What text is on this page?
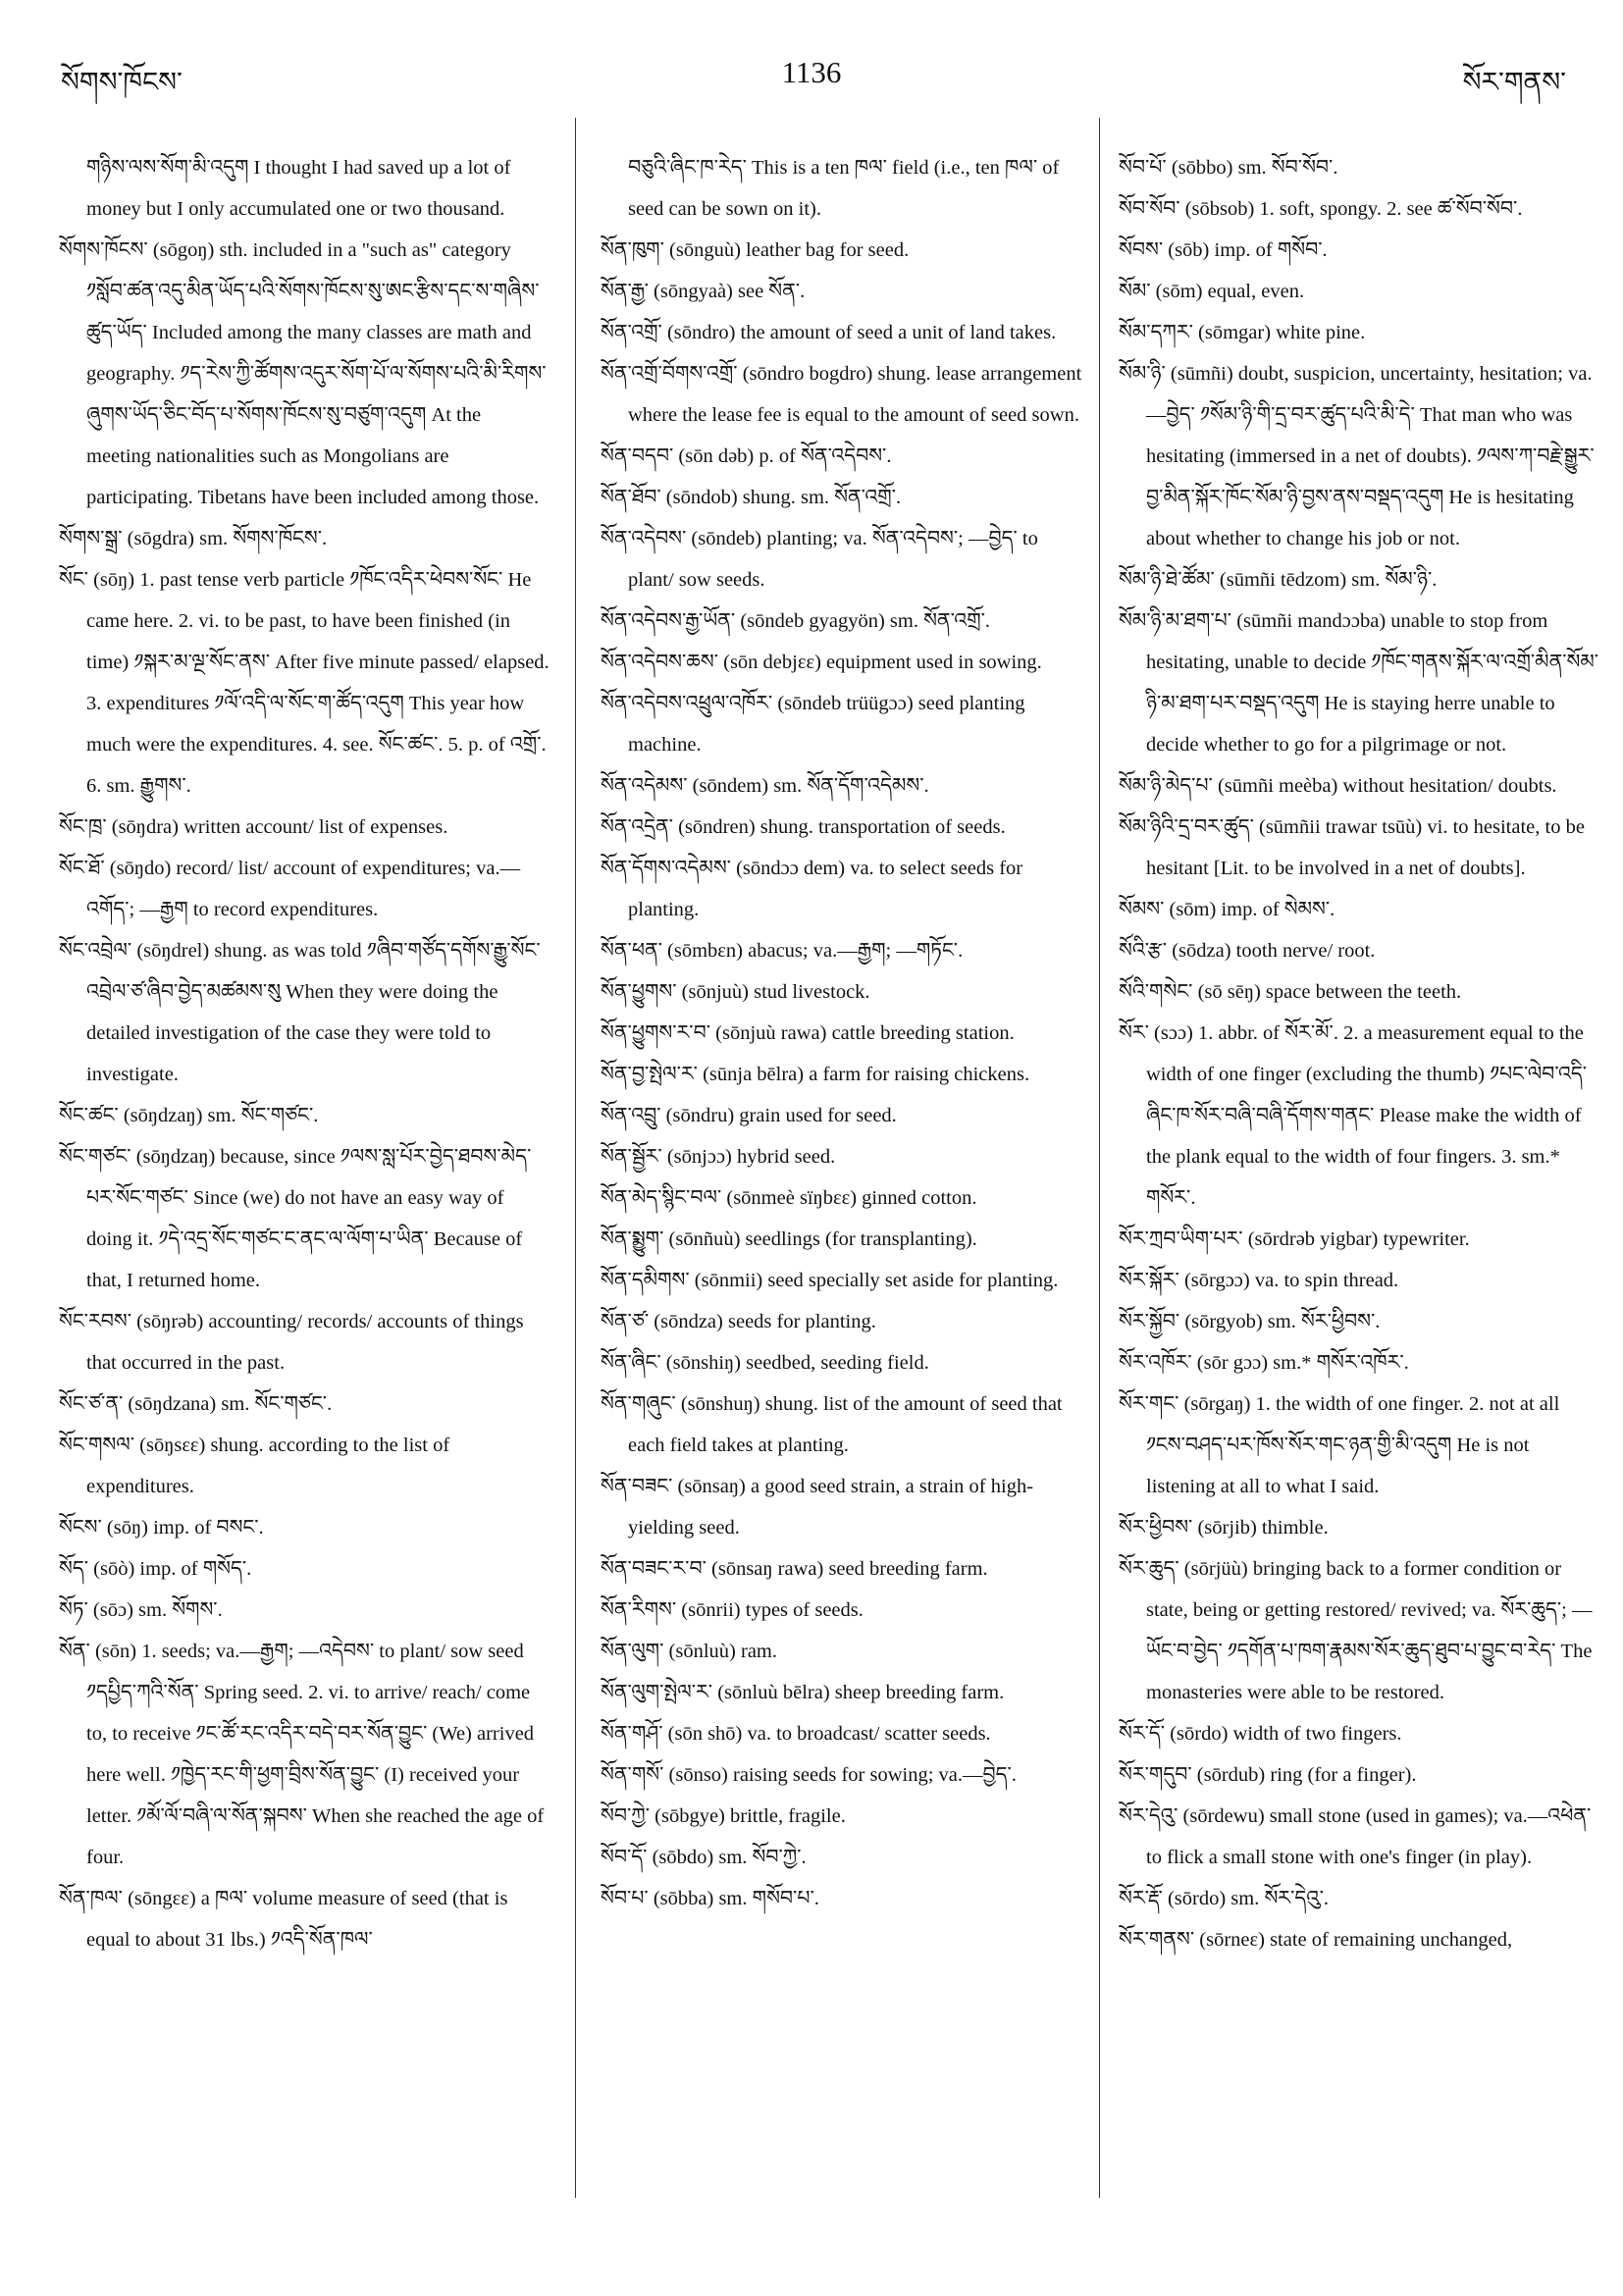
སོགས་ཁོངས་	1136	སོར་གནས་
གཉིས་ལས་སོག་མི་འདུག I thought I had saved up a lot of money but I only accumulated one or two thousand.
སོགས་ཁོངས་ (sōgoŋ) sth. included in a "such as" category ༡སློབ་ཚན་འདུ་མིན་ཡོད་པའི་སོགས་ཁོངས་སུ་ཨང་རྩིས་དང་ས་གཞིས་ཚུད་ཡོད་ Included among the many classes are math and geography. ༡ད་རེས་ཀྱི་ཚོགས་འདུར་སོག་པོ་ལ་སོགས་པའི་མི་རིགས་ཞུགས་ཡོད་ཅིང་བོད་པ་སོགས་ཁོངས་སུ་བཙུག་འདུག At the meeting nationalities such as Mongolians are participating. Tibetans have been included among those.
སོགས་སྒྲ་ (sōgdra) sm. སོགས་ཁོངས་.
སོང་ (sōŋ) 1. past tense verb particle ༡ཁོང་འདིར་ཕེབས་སོང་ He came here. 2. vi. to be past, to have been finished (in time) ༡སྐར་མ་ལྔ་སོང་ནས་ After five minute passed/ elapsed. 3. expenditures ༡ལོ་འདི་ལ་སོང་ག་ཚོད་འདུག This year how much were the expenditures. 4. see. སོང་ཚང་. 5. p. of འགྲོ་. 6. sm. རྒྱུགས་.
སོང་ཁྲ་ (sōŋdra) written account/ list of expenses.
སོང་ཐོ་ (sōŋdo) record/ list/ account of expenditures; va.—འགོད་; —རྒྱག to record expenditures.
སོང་འབྲེལ་ (sōŋdrel) shung. as was told ༡ཞིབ་གཙོད་དགོས་རྒྱུ་སོང་འབྲེལ་ཙ་ཞིབ་བྱེད་མཚམས་སུ When they were doing the detailed investigation of the case they were told to investigate.
སོང་ཚང་ (sōŋdzaŋ) sm. སོང་གཙང་.
སོང་གཙང་ (sōŋdzaŋ) because, since ༡ལས་སླ་པོར་བྱེད་ཐབས་མེད་པར་སོང་གཙང་ Since (we) do not have an easy way of doing it. ༡དེ་འདྲ་སོང་གཙང་ང་ནང་ལ་ལོག་པ་ཡིན་ Because of that, I returned home.
སོང་རབས་ (sōŋrəb) accounting/ records/ accounts of things that occurred in the past.
སོང་ཙ་ན་ (sōŋdzana) sm. སོང་གཙང་.
སོང་གསལ་ (sōŋsεε) shung. according to the list of expenditures.
སོངས་ (sōŋ) imp. of བསང་.
སོད་ (sōò) imp. of གསོད་.
སོཏ་ (sōɔ) sm. སོགས་.
སོན་ (sōn) 1. seeds; va.—རྒྱག; —འདེབས་ to plant/ sow seed ༡དཔྱིད་ཀའི་སོན་ Spring seed. 2. vi. to arrive/ reach/ come to, to receive ༡ང་ཚོ་རང་འདིར་བདེ་བར་སོན་བྱུང་ (We) arrived here well. ༡ཁྱེད་རང་གི་ཕྱག་བྲིས་སོན་བྱུང་ (I) received your letter. ༡མོ་ལོ་བཞི་ལ་སོན་སྐབས་ When she reached the age of four.
སོན་ཁལ་ (sōngεε) a ཁལ་ volume measure of seed (that is equal to about 31 lbs.) ༡འདི་སོན་ཁལ་
བཅུའི་ཞིང་ཁ་རེད་ This is a ten ཁལ་ field (i.e., ten ཁལ་ of seed can be sown on it).
སོན་ཁུག་ (sōnguù) leather bag for seed.
སོན་རྒྱ་ (sōngyaà) see སོན་.
སོན་འགྲོ་ (sōndro) the amount of seed a unit of land takes.
སོན་འགྲོ་བོགས་འགྲོ་ (sōndro bogdro) shung. lease arrangement where the lease fee is equal to the amount of seed sown.
སོན་བདབ་ (sōn dəb) p. of སོན་འདེབས་.
སོན་ཐོབ་ (sōndob) shung. sm. སོན་འགྲོ་.
སོན་འདེབས་ (sōndeb) planting; va. སོན་འདེབས་; —བྱེད་ to plant/ sow seeds.
སོན་འདེབས་རྒྱ་ཡོན་ (sōndeb gyagyön) sm. སོན་འགྲོ་.
སོན་འདེབས་ཆས་ (sōn debjεε) equipment used in sowing.
སོན་འདེབས་འཕྲུལ་འཁོར་ (sōndeb trüügɔɔ) seed planting machine.
སོན་འདེམས་ (sōndem) sm. སོན་དོག་འདེམས་.
སོན་འདྲེན་ (sōndren) shung. transportation of seeds.
སོན་དོགས་འདེམས་ (sōndɔɔ dem) va. to select seeds for planting.
སོན་ཕན་ (sōmbεn) abacus; va.—རྒྱག; —གཏོང་.
སོན་ཕྱུགས་ (sōnjuù) stud livestock.
སོན་ཕྱུགས་ར་བ་ (sōnjuù rawa) cattle breeding station.
སོན་བྱ་སྤེལ་ར་ (sūnja bēlra) a farm for raising chickens.
སོན་འབྲུ་ (sōndru) grain used for seed.
སོན་སྦྱོར་ (sōnjɔɔ) hybrid seed.
སོན་མེད་སྙིང་བལ་ (sōnmeè sïŋbεε) ginned cotton.
སོན་སྨྱུག་ (sōnñuù) seedlings (for transplanting).
སོན་དམིགས་ (sōnmii) seed specially set aside for planting.
སོན་ཙ་ (sōndza) seeds for planting.
སོན་ཞིང་ (sōnshiŋ) seedbed, seeding field.
སོན་གཞུང་ (sōnshuŋ) shung. list of the amount of seed that each field takes at planting.
སོན་བཟང་ (sōnsaŋ) a good seed strain, a strain of high-yielding seed.
སོན་བཟང་ར་བ་ (sōnsaŋ rawa) seed breeding farm.
སོན་རིགས་ (sōnrii) types of seeds.
སོན་ལུག་ (sōnluù) ram.
སོན་ལུག་སྤེལ་ར་ (sōnluù bēlra) sheep breeding farm.
སོན་གཤོ་ (sōn shō) va. to broadcast/ scatter seeds.
སོན་གསོ་ (sōnso) raising seeds for sowing; va.—བྱེད་.
སོབ་ཀྱེ་ (sōbgye) brittle, fragile.
སོབ་དོ་ (sōbdo) sm. སོབ་ཀྱེ་.
སོབ་པ་ (sōbba) sm. གསོབ་པ་.
སོབ་པོ་ (sōbbo) sm. སོབ་སོབ་.
སོབ་སོབ་ (sōbsob) 1. soft, spongy. 2. see ཚ་སོབ་སོབ་.
སོབས་ (sōb) imp. of གསོབ་.
སོམ་ (sōm) equal, even.
སོམ་དཀར་ (sōmgar) white pine.
སོམ་ཉི་ (sūmñi) doubt, suspicion, uncertainty, hesitation; va.—བྱེད་ ༡སོམ་ཉི་གི་དྲ་བར་ཚུད་པའི་མི་དེ་ That man who was hesitating (immersed in a net of doubts). ༡ལས་ཀ་བརྗེ་སྒྱུར་བྱ་མིན་སྐོར་ཁོང་སོམ་ཉི་བྱས་ནས་བསྡད་འདུག He is hesitating about whether to change his job or not.
སོམ་ཉི་ཐེ་ཚོམ་ (sūmñi tēdzom) sm. སོམ་ཉི་.
སོམ་ཉི་མ་ཐག་པ་ (sūmñi mandɔɔba) unable to stop from hesitating, unable to decide ༡ཁོང་གནས་སྐོར་ལ་འགྲོ་མིན་སོམ་ཉི་མ་ཐག་པར་བསྡད་འདུག He is staying herre unable to decide whether to go for a pilgrimage or not.
སོམ་ཉི་མེད་པ་ (sūmñi meèba) without hesitation/ doubts.
སོམ་ཉིའི་དྲ་བར་ཚུད་ (sūmñii trawar tsūù) vi. to hesitate, to be hesitant [Lit. to be involved in a net of doubts].
སོམས་ (sōm) imp. of སེམས་.
སོའི་རྩ་ (sōdza) tooth nerve/ root.
སོའི་གསེང་ (sō sēŋ) space between the teeth.
སོར་ (sɔɔ) 1. abbr. of སོར་མོ་. 2. a measurement equal to the width of one finger (excluding the thumb) ༡པང་ལེབ་འདི་ཞིང་ཁ་སོར་བཞི་བཞི་དོགས་གནང་ Please make the width of the plank equal to the width of four fingers. 3. sm.* གསོར་.
སོར་ཀྲབ་ཡིག་པར་ (sōrdrəb yigbar) typewriter.
སོར་སྐོར་ (sōrgɔɔ) va. to spin thread.
སོར་སྐྱོབ་ (sōrgyob) sm. སོར་ཕྱིབས་.
སོར་འཁོར་ (sōr gɔɔ) sm.* གསོར་འཁོར་.
སོར་གང་ (sōrgaŋ) 1. the width of one finger. 2. not at all ༡ངས་བཤད་པར་ཁོས་སོར་གང་ཉན་གྱི་མི་འདུག He is not listening at all to what I said.
སོར་ཕྱིབས་ (sōrjib) thimble.
སོར་ཆུད་ (sōrjüù) bringing back to a former condition or state, being or getting restored/ revived; va. སོར་ཆུད་; —ཡོང་བ་བྱེད་ ༡དགོན་པ་ཁག་རྣམས་སོར་ཆུད་ཐུབ་པ་བྱུང་བ་རེད་ The monasteries were able to be restored.
སོར་དོ་ (sōrdo) width of two fingers.
སོར་གདུབ་ (sōrdub) ring (for a finger).
སོར་དེའུ་ (sōrdewu) small stone (used in games); va.—འཕེན་ to flick a small stone with one's finger (in play).
སོར་རྡོ་ (sōrdo) sm. སོར་དེའུ་.
སོར་གནས་ (sōrneε) state of remaining unchanged,
